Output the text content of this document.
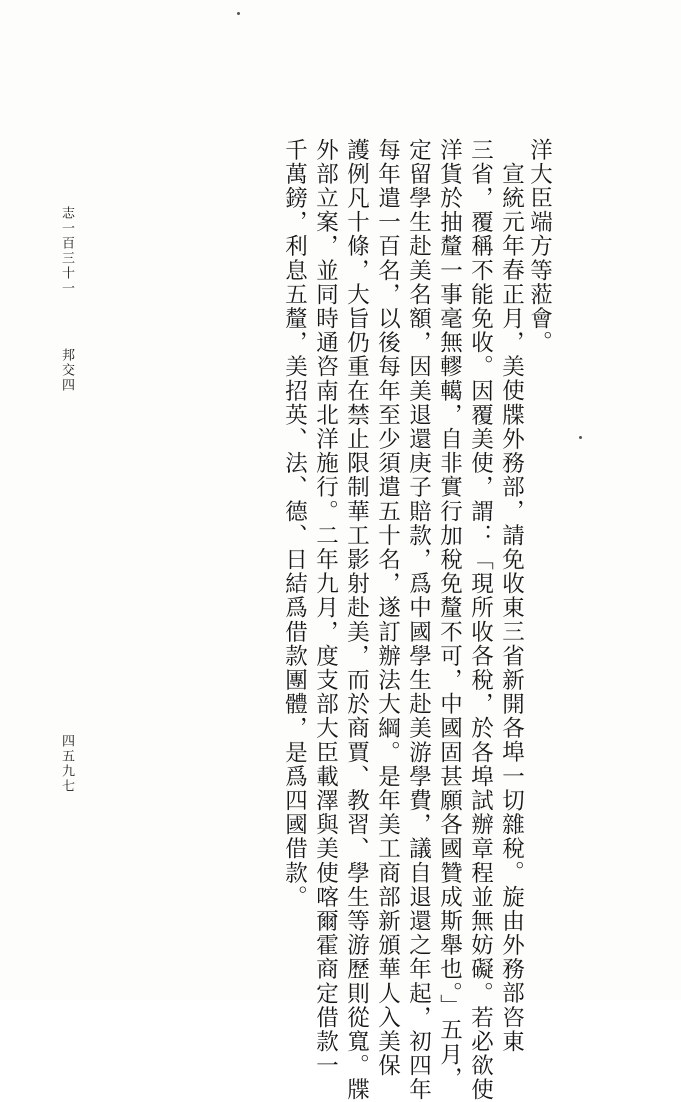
洋大臣端方等蒞會。
宣統元年春正月，美使牒外務部，請免收東三省新開各埠一切雜稅。旋由外務部咨東
三省，覆稱不能免收。因覆美使，謂：「現所收各稅，於各埠試辦章程並無妨礙。若必欲使
洋貨於抽釐一事毫無轇轕，自非實行加稅免釐不可，中國固甚願各國贊成斯舉也。」五月，
定留學生赴美名額，因美退還庚子賠款，爲中國學生赴美游學費，議自退還之年起，初四年
每年遣一百名，以後每年至少須遣五十名，遂訂辦法大綱。是年美工商部新頒華人入美保
護例凡十條，大旨仍重在禁止限制華工影射赴美，而於商賈、教習、學生等游歷則從寬。牒
外部立案，並同時通咨南北洋施行。二年九月，度支部大臣載澤與美使喀爾霍商定借款一
千萬鎊，利息五釐，美招英、法、德、日結爲借款團體，是爲四國借款。
志一百三十一
邦交四
四五九七
